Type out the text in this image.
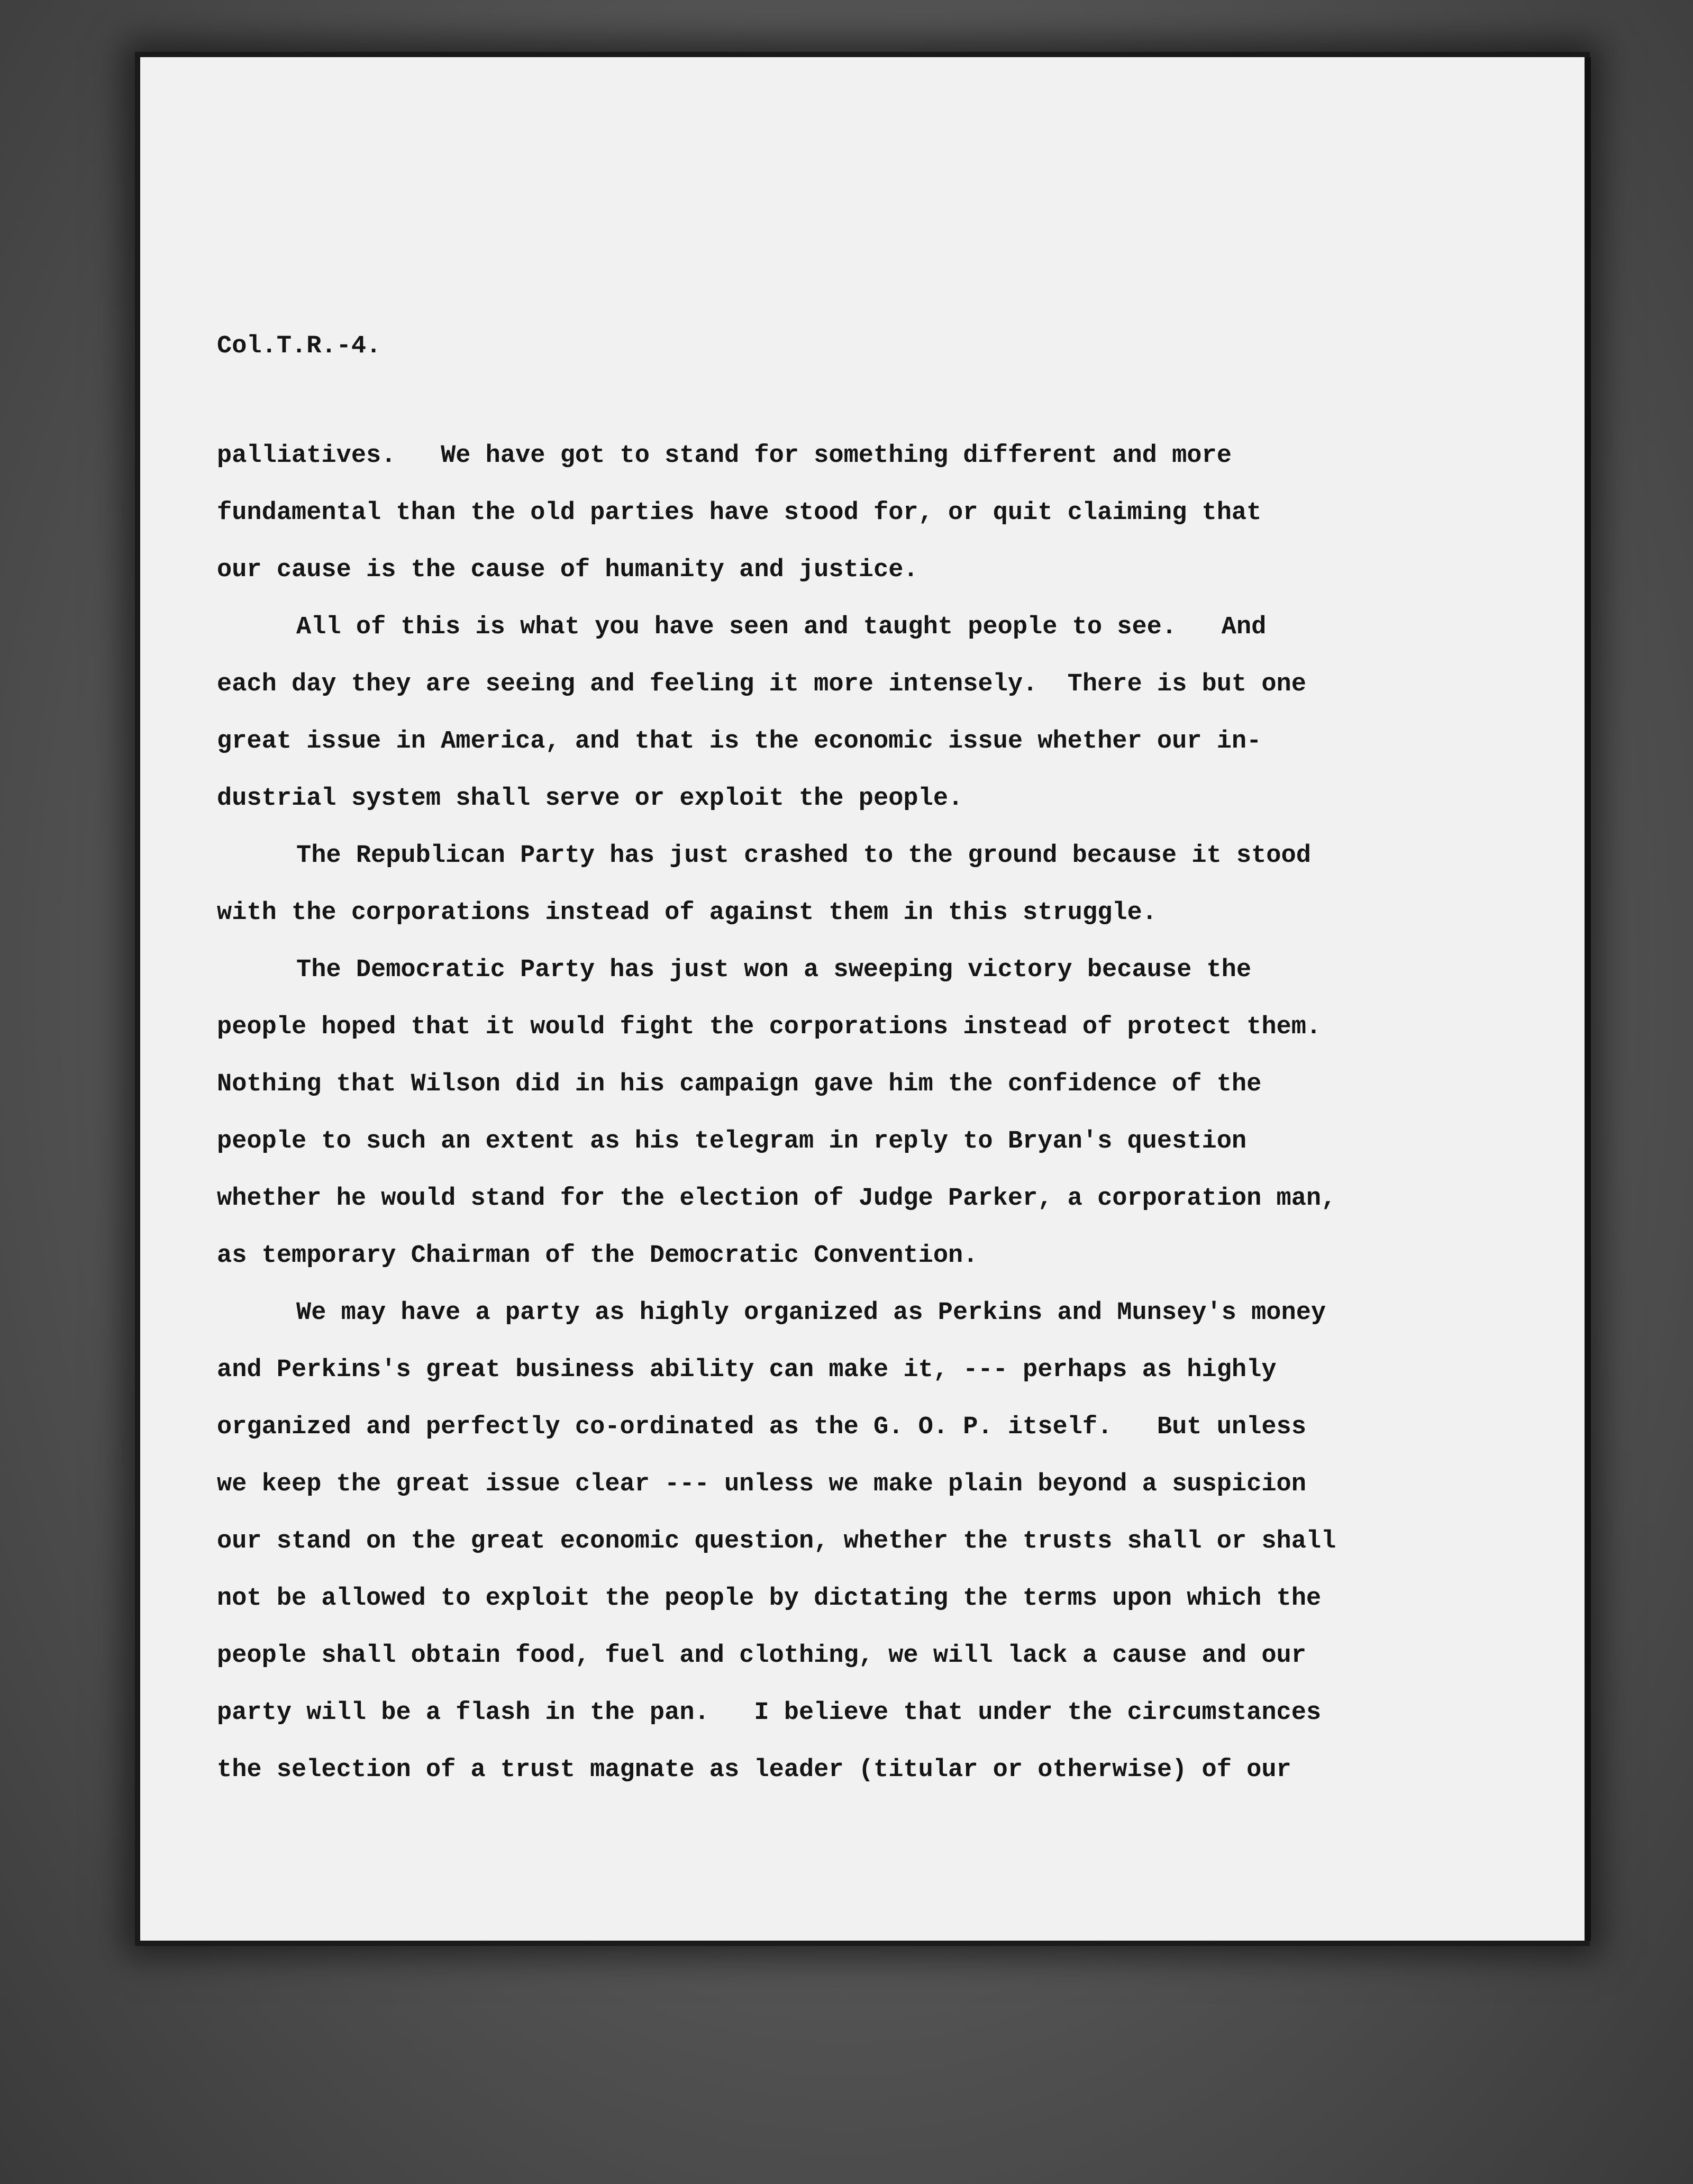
Col.T.R.-4.
palliatives.   We have got to stand for something different and more
fundamental than the old parties have stood for, or quit claiming that
our cause is the cause of humanity and justice.
All of this is what you have seen and taught people to see.   And
each day they are seeing and feeling it more intensely.  There is but one
great issue in America, and that is the economic issue whether our in-
dustrial system shall serve or exploit the people.
The Republican Party has just crashed to the ground because it stood
with the corporations instead of against them in this struggle.
The Democratic Party has just won a sweeping victory because the
people hoped that it would fight the corporations instead of protect them.
Nothing that Wilson did in his campaign gave him the confidence of the
people to such an extent as his telegram in reply to Bryan's question
whether he would stand for the election of Judge Parker, a corporation man,
as temporary Chairman of the Democratic Convention.
We may have a party as highly organized as Perkins and Munsey's money
and Perkins's great business ability can make it, --- perhaps as highly
organized and perfectly co-ordinated as the G. O. P. itself.   But unless
we keep the great issue clear --- unless we make plain beyond a suspicion
our stand on the great economic question, whether the trusts shall or shall
not be allowed to exploit the people by dictating the terms upon which the
people shall obtain food, fuel and clothing, we will lack a cause and our
party will be a flash in the pan.   I believe that under the circumstances
the selection of a trust magnate as leader (titular or otherwise) of our
